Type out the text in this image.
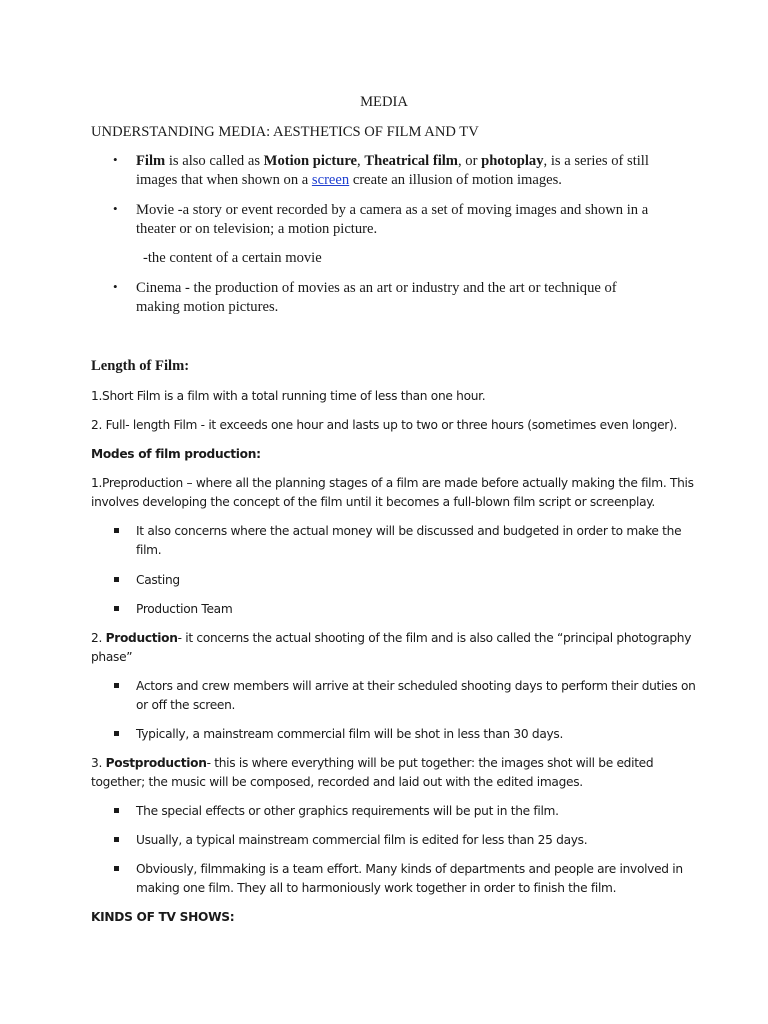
MEDIA
UNDERSTANDING MEDIA: AESTHETICS OF FILM AND TV
• Film is also called as Motion picture, Theatrical film, or photoplay, is a series of still
images that when shown on a screen create an illusion of motion images.
• Movie -a story or event recorded by a camera as a set of moving images and shown in a
theater or on television; a motion picture.
-the content of a certain movie
• Cinema - the production of movies as an art or industry and the art or technique of
making motion pictures.
Length of Film:
1.Short Film is a film with a total running time of less than one hour.
2. Full- length Film - it exceeds one hour and lasts up to two or three hours (sometimes even longer).
Modes of film production:
1.Preproduction – where all the planning stages of a film are made before actually making the film. This
involves developing the concept of the film until it becomes a full-blown film script or screenplay.
It also concerns where the actual money will be discussed and budgeted in order to make the
film.
Casting
Production Team
2. Production- it concerns the actual shooting of the film and is also called the “principal photography
phase”
Actors and crew members will arrive at their scheduled shooting days to perform their duties on
or off the screen.
Typically, a mainstream commercial film will be shot in less than 30 days.
3. Postproduction- this is where everything will be put together: the images shot will be edited
together; the music will be composed, recorded and laid out with the edited images.
The special effects or other graphics requirements will be put in the film.
Usually, a typical mainstream commercial film is edited for less than 25 days.
Obviously, filmmaking is a team effort. Many kinds of departments and people are involved in
making one film. They all to harmoniously work together in order to finish the film.
KINDS OF TV SHOWS:
